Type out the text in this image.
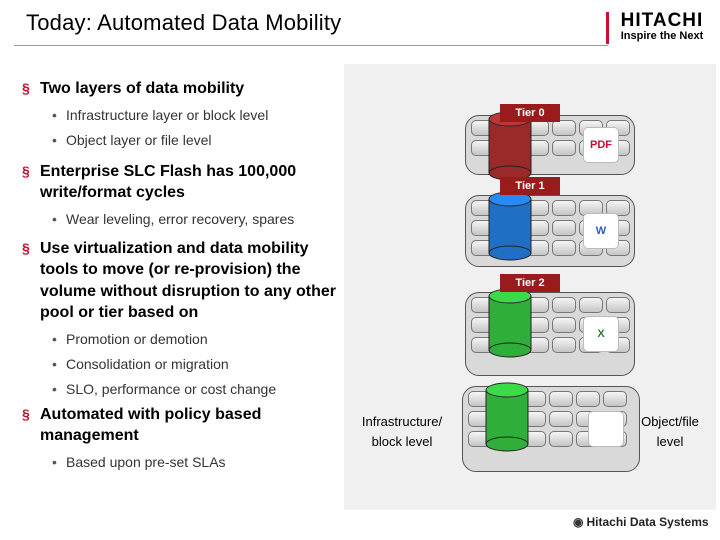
Today: Automated Data Mobility	HITACHI
Inspire the Next
§ Two layers of data mobility
• Infrastructure layer or block level
• Object layer or file level
§ Enterprise SLC Flash has 100,000 write/format cycles
• Wear leveling, error recovery, spares
§ Use virtualization and data mobility tools to move (or re-provision) the volume without disruption to any other pool or tier based on
• Promotion or demotion
• Consolidation or migration
• SLO, performance or cost change
§ Automated with policy based management
• Based upon pre-set SLAs
PDF
Tier 0
W
Tier 1
X
Tier 2
Infrastructure/ block level
Object/file level
◉ Hitachi Data Systems
